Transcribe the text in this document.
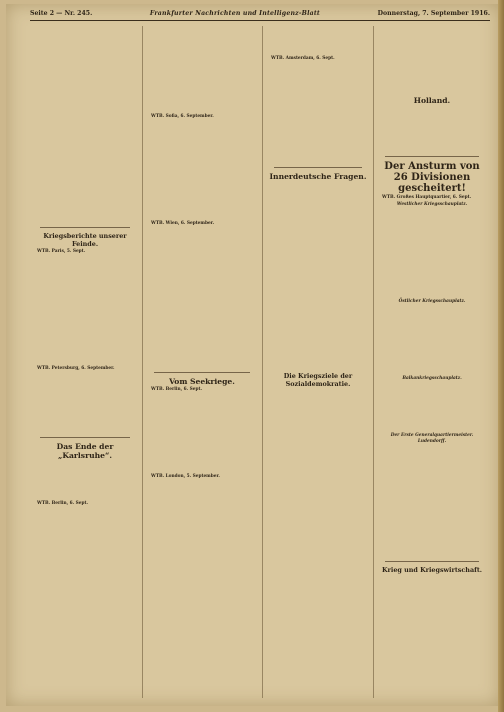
Seite 2 — Nr. 245.	Frankfurter Nachrichten und Intelligenz-Blatt	Donnerstag, 7. September 1916.

Kriegsberichte unserer Feinde.

WTB. Paris, 5. Sept.

WTB. Petersburg, 6. September.

Das Ende der „Karlsruhe“.

WTB. Berlin, 6. Sept.

WTB. Sofia, 6. September.

WTB. Wien, 6. September.

Vom Seekriege.

WTB. Berlin, 6. Sept.

WTB. London, 5. September.

WTB. Amsterdam, 6. Sept.

Innerdeutsche Fragen.

Die Kriegsziele der Sozialdemokratie.

Holland.

Der Ansturm von 26 Divisionen gescheitert!

WTB. Großes Hauptquartier, 6. Sept.

Westlicher Kriegsschauplatz.

Östlicher Kriegsschauplatz.

Balkankriegsschauplatz.

Der Erste Generalquartiermeister. Ludendorff.

Krieg und Kriegswirtschaft.
